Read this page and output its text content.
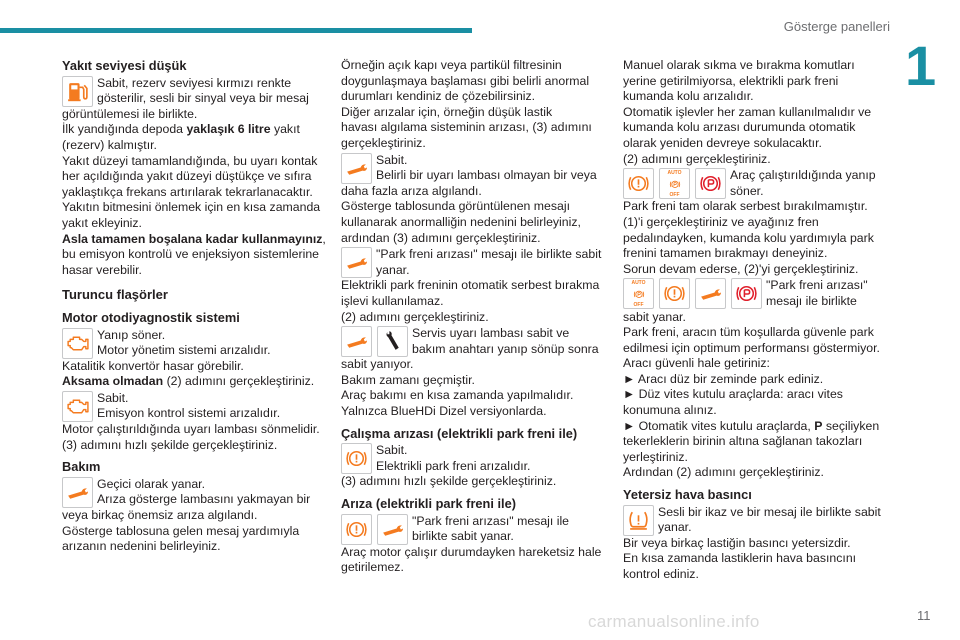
Gösterge panelleri
1
11
carmanualsonline.info
Yakıt seviyesi düşük
Sabit, rezerv seviyesi kırmızı renkte
gösterilir, sesli bir sinyal veya bir mesaj
görüntülemesi ile birlikte.
İlk yandığında depoda yaklaşık 6 litre yakıt
(rezerv) kalmıştır.
Yakıt düzeyi tamamlandığında, bu uyarı kontak
her açıldığında yakıt düzeyi düştükçe ve sıfıra
yaklaştıkça frekans artırılarak tekrarlanacaktır.
Yakıtın bitmesini önlemek için en kısa zamanda
yakıt ekleyiniz.
Asla tamamen boşalana kadar kullanmayınız,
bu emisyon kontrolü ve enjeksiyon sistemlerine
hasar verebilir.
Turuncu flaşörler
Motor otodiyagnostik sistemi
Yanıp söner.
Motor yönetim sistemi arızalıdır.
Katalitik konvertör hasar görebilir.
Aksama olmadan (2) adımını gerçekleştiriniz.
Sabit.
Emisyon kontrol sistemi arızalıdır.
Motor çalıştırıldığında uyarı lambası sönmelidir.
(3) adımını hızlı şekilde gerçekleştiriniz.
Bakım
Geçici olarak yanar.
Arıza gösterge lambasını yakmayan bir
veya birkaç önemsiz arıza algılandı.
Gösterge tablosuna gelen mesaj yardımıyla
arızanın nedenini belirleyiniz.
Örneğin açık kapı veya partikül filtresinin
doygunlaşmaya başlaması gibi belirli anormal
durumları kendiniz de çözebilirsiniz.
Diğer arızalar için, örneğin düşük lastik
havası algılama sisteminin arızası, (3) adımını
gerçekleştiriniz.
Sabit.
Belirli bir uyarı lambası olmayan bir veya
daha fazla arıza algılandı.
Gösterge tablosunda görüntülenen mesajı
kullanarak anormalliğin nedenini belirleyiniz,
ardından (3) adımını gerçekleştiriniz.
"Park freni arızası" mesajı ile birlikte sabit
yanar.
Elektrikli park freninin otomatik serbest bırakma
işlevi kullanılamaz.
(2) adımını gerçekleştiriniz.
Servis uyarı lambası sabit ve
bakım anahtarı yanıp sönüp sonra
sabit yanıyor.
Bakım zamanı geçmiştir.
Araç bakımı en kısa zamanda yapılmalıdır.
Yalnızca BlueHDi Dizel versiyonlarda.
Çalışma arızası (elektrikli park freni ile)
Sabit.
Elektrikli park freni arızalıdır.
(3) adımını hızlı şekilde gerçekleştiriniz.
Arıza (elektrikli park freni ile)
"Park freni arızası" mesajı ile
birlikte sabit yanar.
Araç motor çalışır durumdayken hareketsiz hale
getirilemez.
Manuel olarak sıkma ve bırakma komutları
yerine getirilmiyorsa, elektrikli park freni
kumanda kolu arızalıdır.
Otomatik işlevler her zaman kullanılmalıdır ve
kumanda kolu arızası durumunda otomatik
olarak yeniden devreye sokulacaktır.
(2) adımını gerçekleştiriniz.
AUTO
OFF
Araç çalıştırıldığında yanıp
söner.
Park freni tam olarak serbest bırakılmamıştır.
(1)'i gerçekleştiriniz ve ayağınız fren
pedalındayken, kumanda kolu yardımıyla park
frenini tamamen bırakmayı deneyiniz.
Sorun devam ederse, (2)'yi gerçekleştiriniz.
AUTO
OFF
"Park freni arızası"
mesajı ile birlikte
sabit yanar.
Park freni, aracın tüm koşullarda güvenle park
edilmesi için optimum performansı göstermiyor.
Aracı güvenli hale getiriniz:
► Aracı düz bir zeminde park ediniz.
► Düz vites kutulu araçlarda: aracı vites
konumuna alınız.
► Otomatik vites kutulu araçlarda, P seçiliyken
tekerleklerin birinin altına sağlanan takozları
yerleştiriniz.
Ardından (2) adımını gerçekleştiriniz.
Yetersiz hava basıncı
Sesli bir ikaz ve bir mesaj ile birlikte sabit
yanar.
Bir veya birkaç lastiğin basıncı yetersizdir.
En kısa zamanda lastiklerin hava basıncını
kontrol ediniz.
